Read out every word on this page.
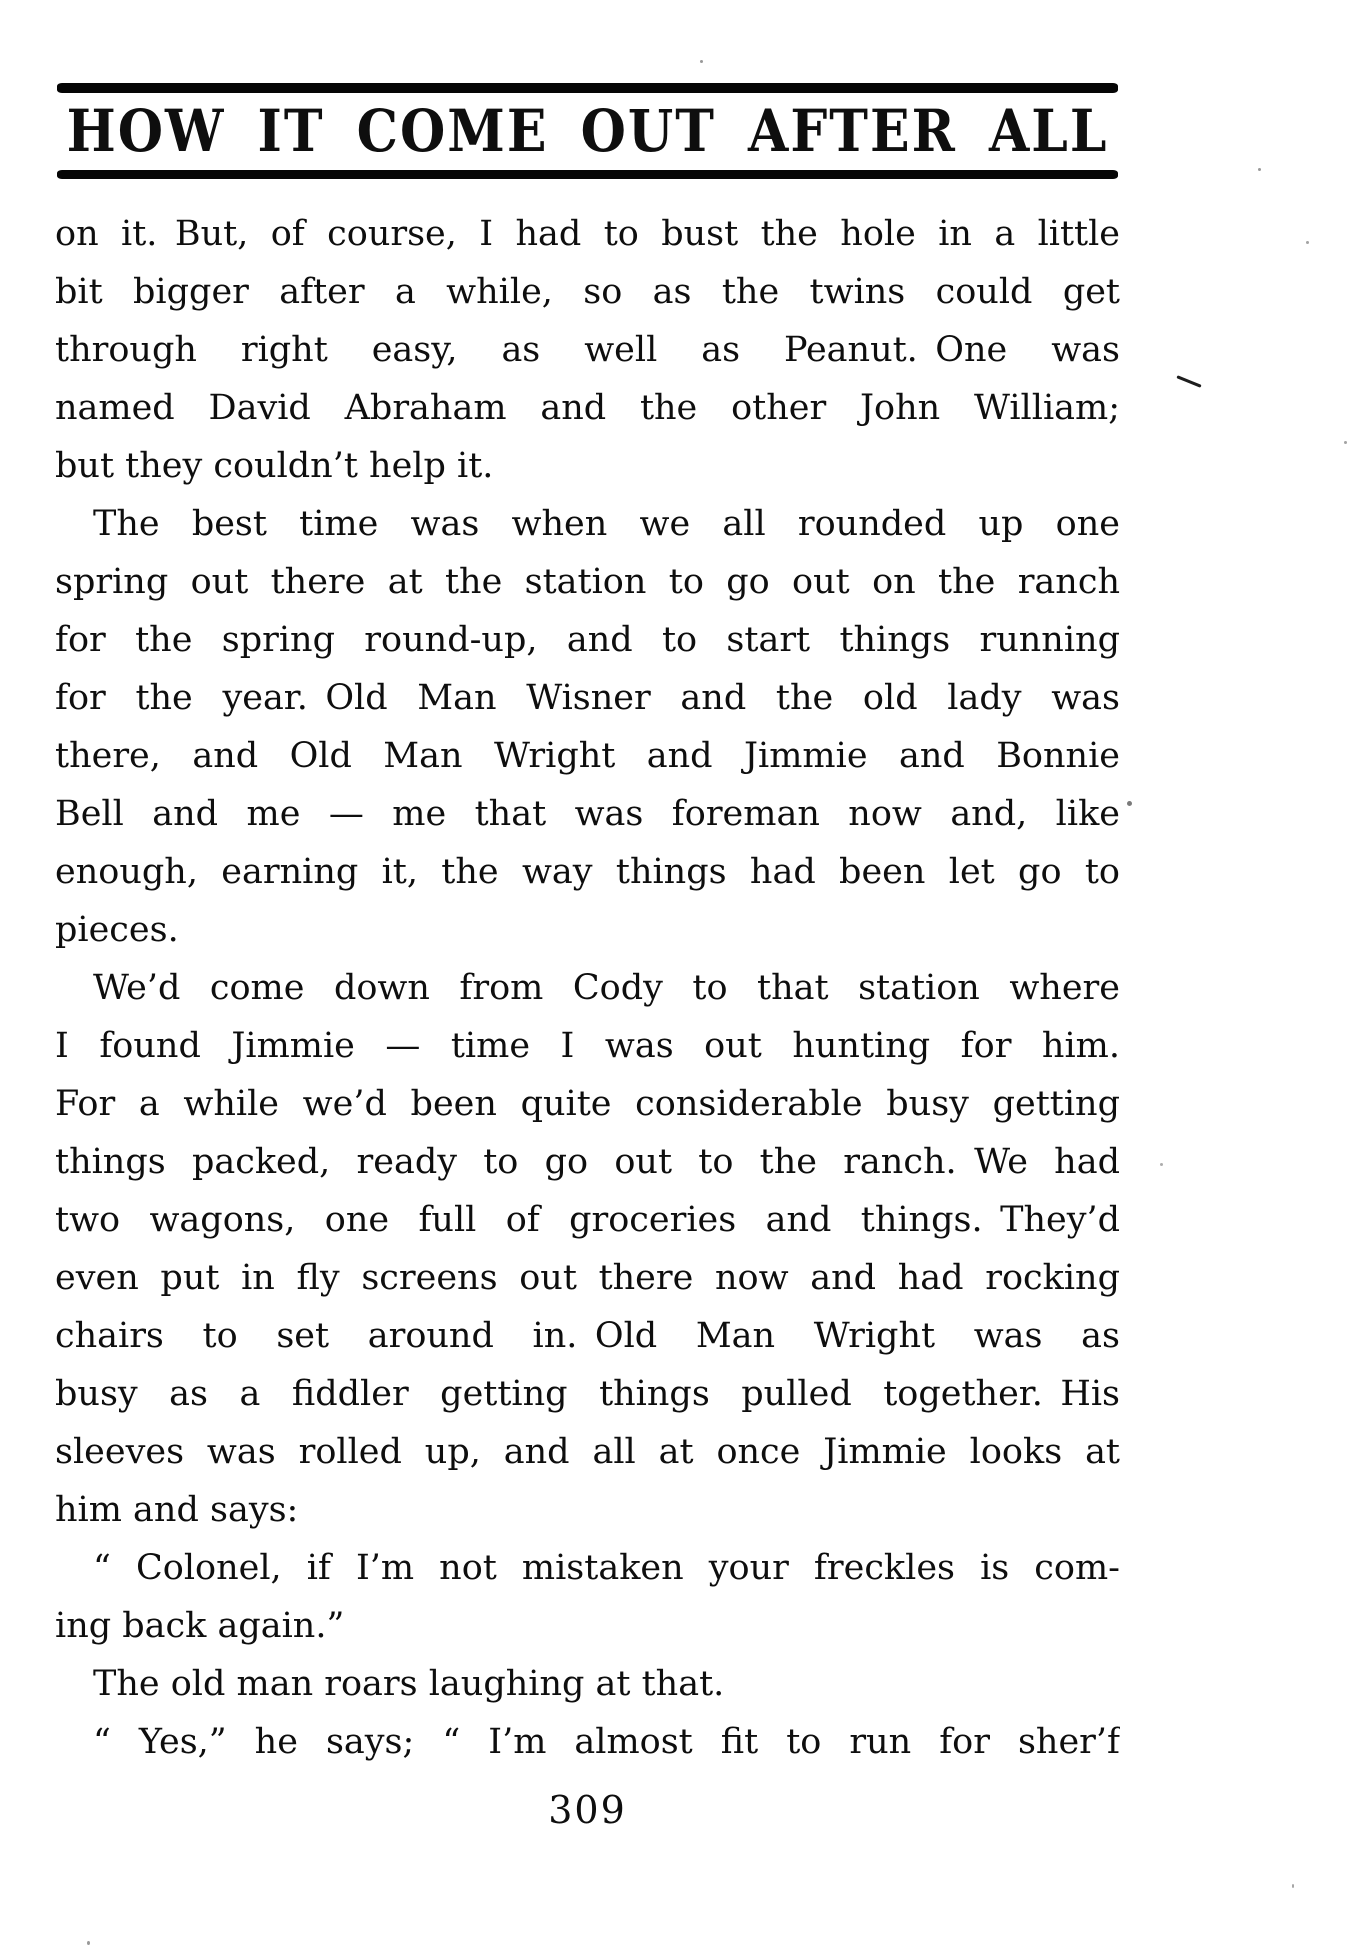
HOW IT COME OUT AFTER ALL
on it. But, of course, I had to bust the hole in a little
bit bigger after a while, so as the twins could get
through right easy, as well as Peanut. One was
named David Abraham and the other John William;
but they couldn’t help it.
The best time was when we all rounded up one
spring out there at the station to go out on the ranch
for the spring round-up, and to start things running
for the year. Old Man Wisner and the old lady was
there, and Old Man Wright and Jimmie and Bonnie
Bell and me — me that was foreman now and, like
enough, earning it, the way things had been let go to
pieces.
We’d come down from Cody to that station where
I found Jimmie — time I was out hunting for him.
For a while we’d been quite considerable busy getting
things packed, ready to go out to the ranch. We had
two wagons, one full of groceries and things. They’d
even put in fly screens out there now and had rocking
chairs to set around in. Old Man Wright was as
busy as a fiddler getting things pulled together. His
sleeves was rolled up, and all at once Jimmie looks at
him and says:
“ Colonel, if I’m not mistaken your freckles is com-
ing back again.”
The old man roars laughing at that.
“ Yes,” he says; “ I’m almost fit to run for sher’f
309
